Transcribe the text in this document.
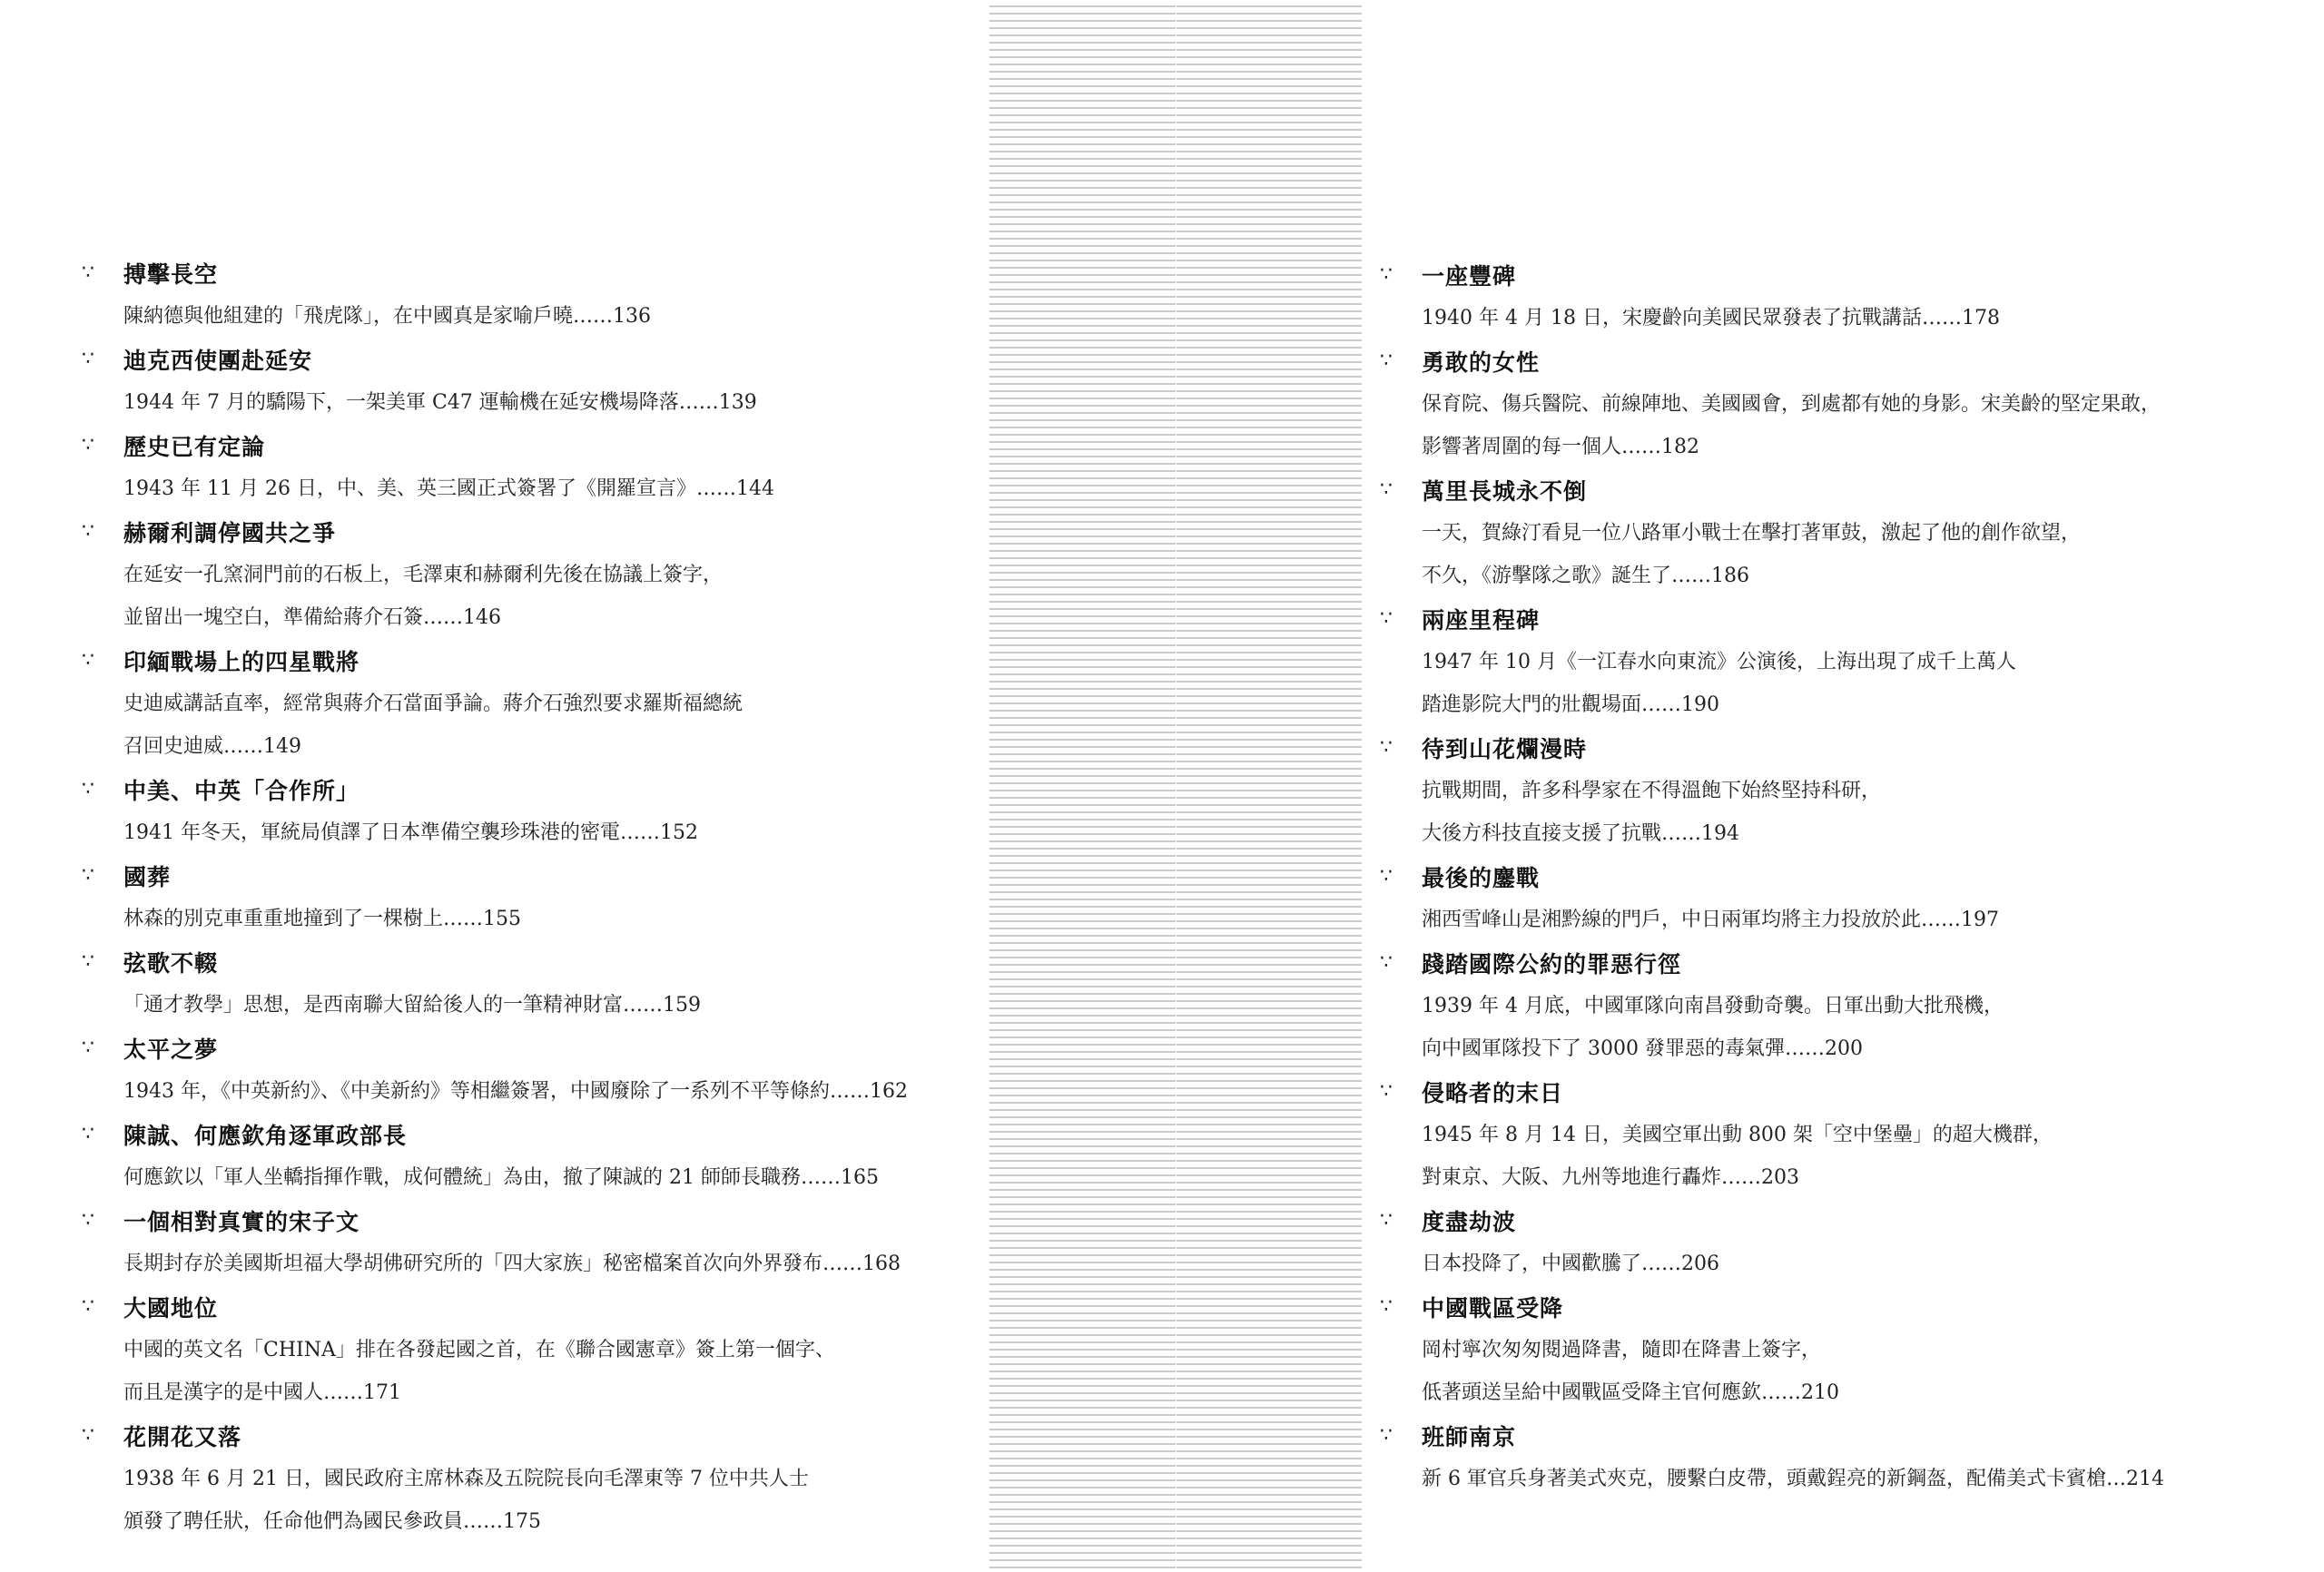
∵	搏擊長空
陳納德與他組建的「飛虎隊」，在中國真是家喻戶曉……136
∵	迪克西使團赴延安
1944 年 7 月的驕陽下，一架美軍 C47 運輸機在延安機場降落……139
∵	歷史已有定論
1943 年 11 月 26 日，中、美、英三國正式簽署了《開羅宣言》……144
∵	赫爾利調停國共之爭
在延安一孔窯洞門前的石板上，毛澤東和赫爾利先後在協議上簽字，
並留出一塊空白，準備給蔣介石簽……146
∵	印緬戰場上的四星戰將
史迪威講話直率，經常與蔣介石當面爭論。蔣介石強烈要求羅斯福總統
召回史迪威……149
∵	中美、中英「合作所」
1941 年冬天，軍統局偵譯了日本準備空襲珍珠港的密電……152
∵	國葬
林森的別克車重重地撞到了一棵樹上……155
∵	弦歌不輟
「通才教學」思想，是西南聯大留給後人的一筆精神財富……159
∵	太平之夢
1943 年，《中英新約》、《中美新約》等相繼簽署，中國廢除了一系列不平等條約……162
∵	陳誠、何應欽角逐軍政部長
何應欽以「軍人坐轎指揮作戰，成何體統」為由，撤了陳誠的 21 師師長職務……165
∵	一個相對真實的宋子文
長期封存於美國斯坦福大學胡佛研究所的「四大家族」秘密檔案首次向外界發布……168
∵	大國地位
中國的英文名「CHINA」排在各發起國之首，在《聯合國憲章》簽上第一個字、
而且是漢字的是中國人……171
∵	花開花又落
1938 年 6 月 21 日，國民政府主席林森及五院院長向毛澤東等 7 位中共人士
頒發了聘任狀，任命他們為國民參政員……175
∵	一座豐碑
1940 年 4 月 18 日，宋慶齡向美國民眾發表了抗戰講話……178
∵	勇敢的女性
保育院、傷兵醫院、前線陣地、美國國會，到處都有她的身影。宋美齡的堅定果敢，
影響著周圍的每一個人……182
∵	萬里長城永不倒
一天，賀綠汀看見一位八路軍小戰士在擊打著軍鼓，激起了他的創作欲望，
不久，《游擊隊之歌》誕生了……186
∵	兩座里程碑
1947 年 10 月《一江春水向東流》公演後，上海出現了成千上萬人
踏進影院大門的壯觀場面……190
∵	待到山花爛漫時
抗戰期間，許多科學家在不得溫飽下始終堅持科研，
大後方科技直接支援了抗戰……194
∵	最後的鏖戰
湘西雪峰山是湘黔線的門戶，中日兩軍均將主力投放於此……197
∵	踐踏國際公約的罪惡行徑
1939 年 4 月底，中國軍隊向南昌發動奇襲。日軍出動大批飛機，
向中國軍隊投下了 3000 發罪惡的毒氣彈……200
∵	侵略者的末日
1945 年 8 月 14 日，美國空軍出動 800 架「空中堡壘」的超大機群，
對東京、大阪、九州等地進行轟炸……203
∵	度盡劫波
日本投降了，中國歡騰了……206
∵	中國戰區受降
岡村寧次匆匆閱過降書，隨即在降書上簽字，
低著頭送呈給中國戰區受降主官何應欽……210
∵	班師南京
新 6 軍官兵身著美式夾克，腰繫白皮帶，頭戴鋥亮的新鋼盔，配備美式卡賓槍…214
